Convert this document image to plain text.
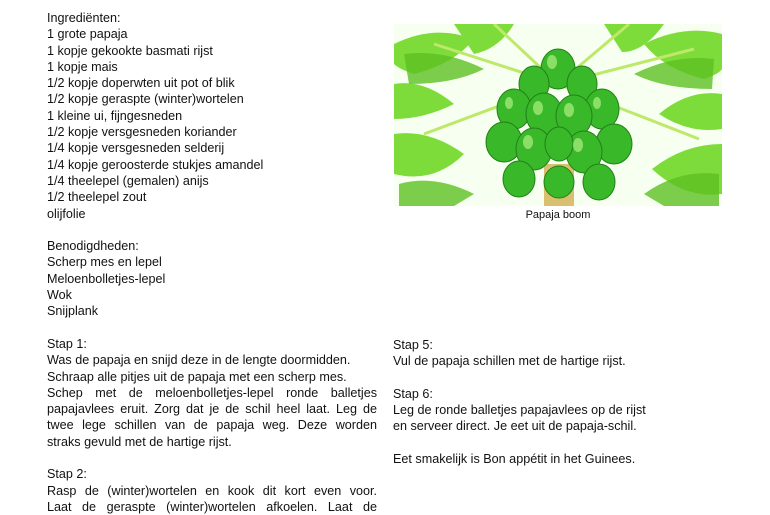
Ingrediënten:
1 grote papaja
1 kopje gekookte basmati rijst
1 kopje mais
1/2 kopje doperwten uit pot of blik
1/2 kopje geraspte (winter)wortelen
1 kleine ui, fijngesneden
1/2 kopje versgesneden koriander
1/4 kopje versgesneden selderij
1/4 kopje geroosterde stukjes amandel
1/4 theelepel (gemalen) anijs
1/2 theelepel zout
olijfolie
Benodigdheden:
Scherp mes en lepel
Meloenbolletjes-lepel
Wok
Snijplank
Stap 1:
Was de papaja en snijd deze in de lengte doormidden.
Schraap alle pitjes uit de papaja met een scherp mes.
Schep met de meloenbolletjes-lepel ronde balletjes
papajavlees eruit. Zorg dat je de schil heel laat. Leg de
twee lege schillen van de papaja weg. Deze worden
straks gevuld met de hartige rijst.
Stap 2:
Rasp de (winter)wortelen en kook dit kort even voor.
Laat de geraspte (winter)wortelen afkoelen. Laat de
Papaja boom
Stap 5:
Vul de papaja schillen met de hartige rijst.
Stap 6:
Leg de ronde balletjes papajavlees op de rijst
en serveer direct. Je eet uit de papaja-schil.
Eet smakelijk is Bon appétit in het Guinees.
